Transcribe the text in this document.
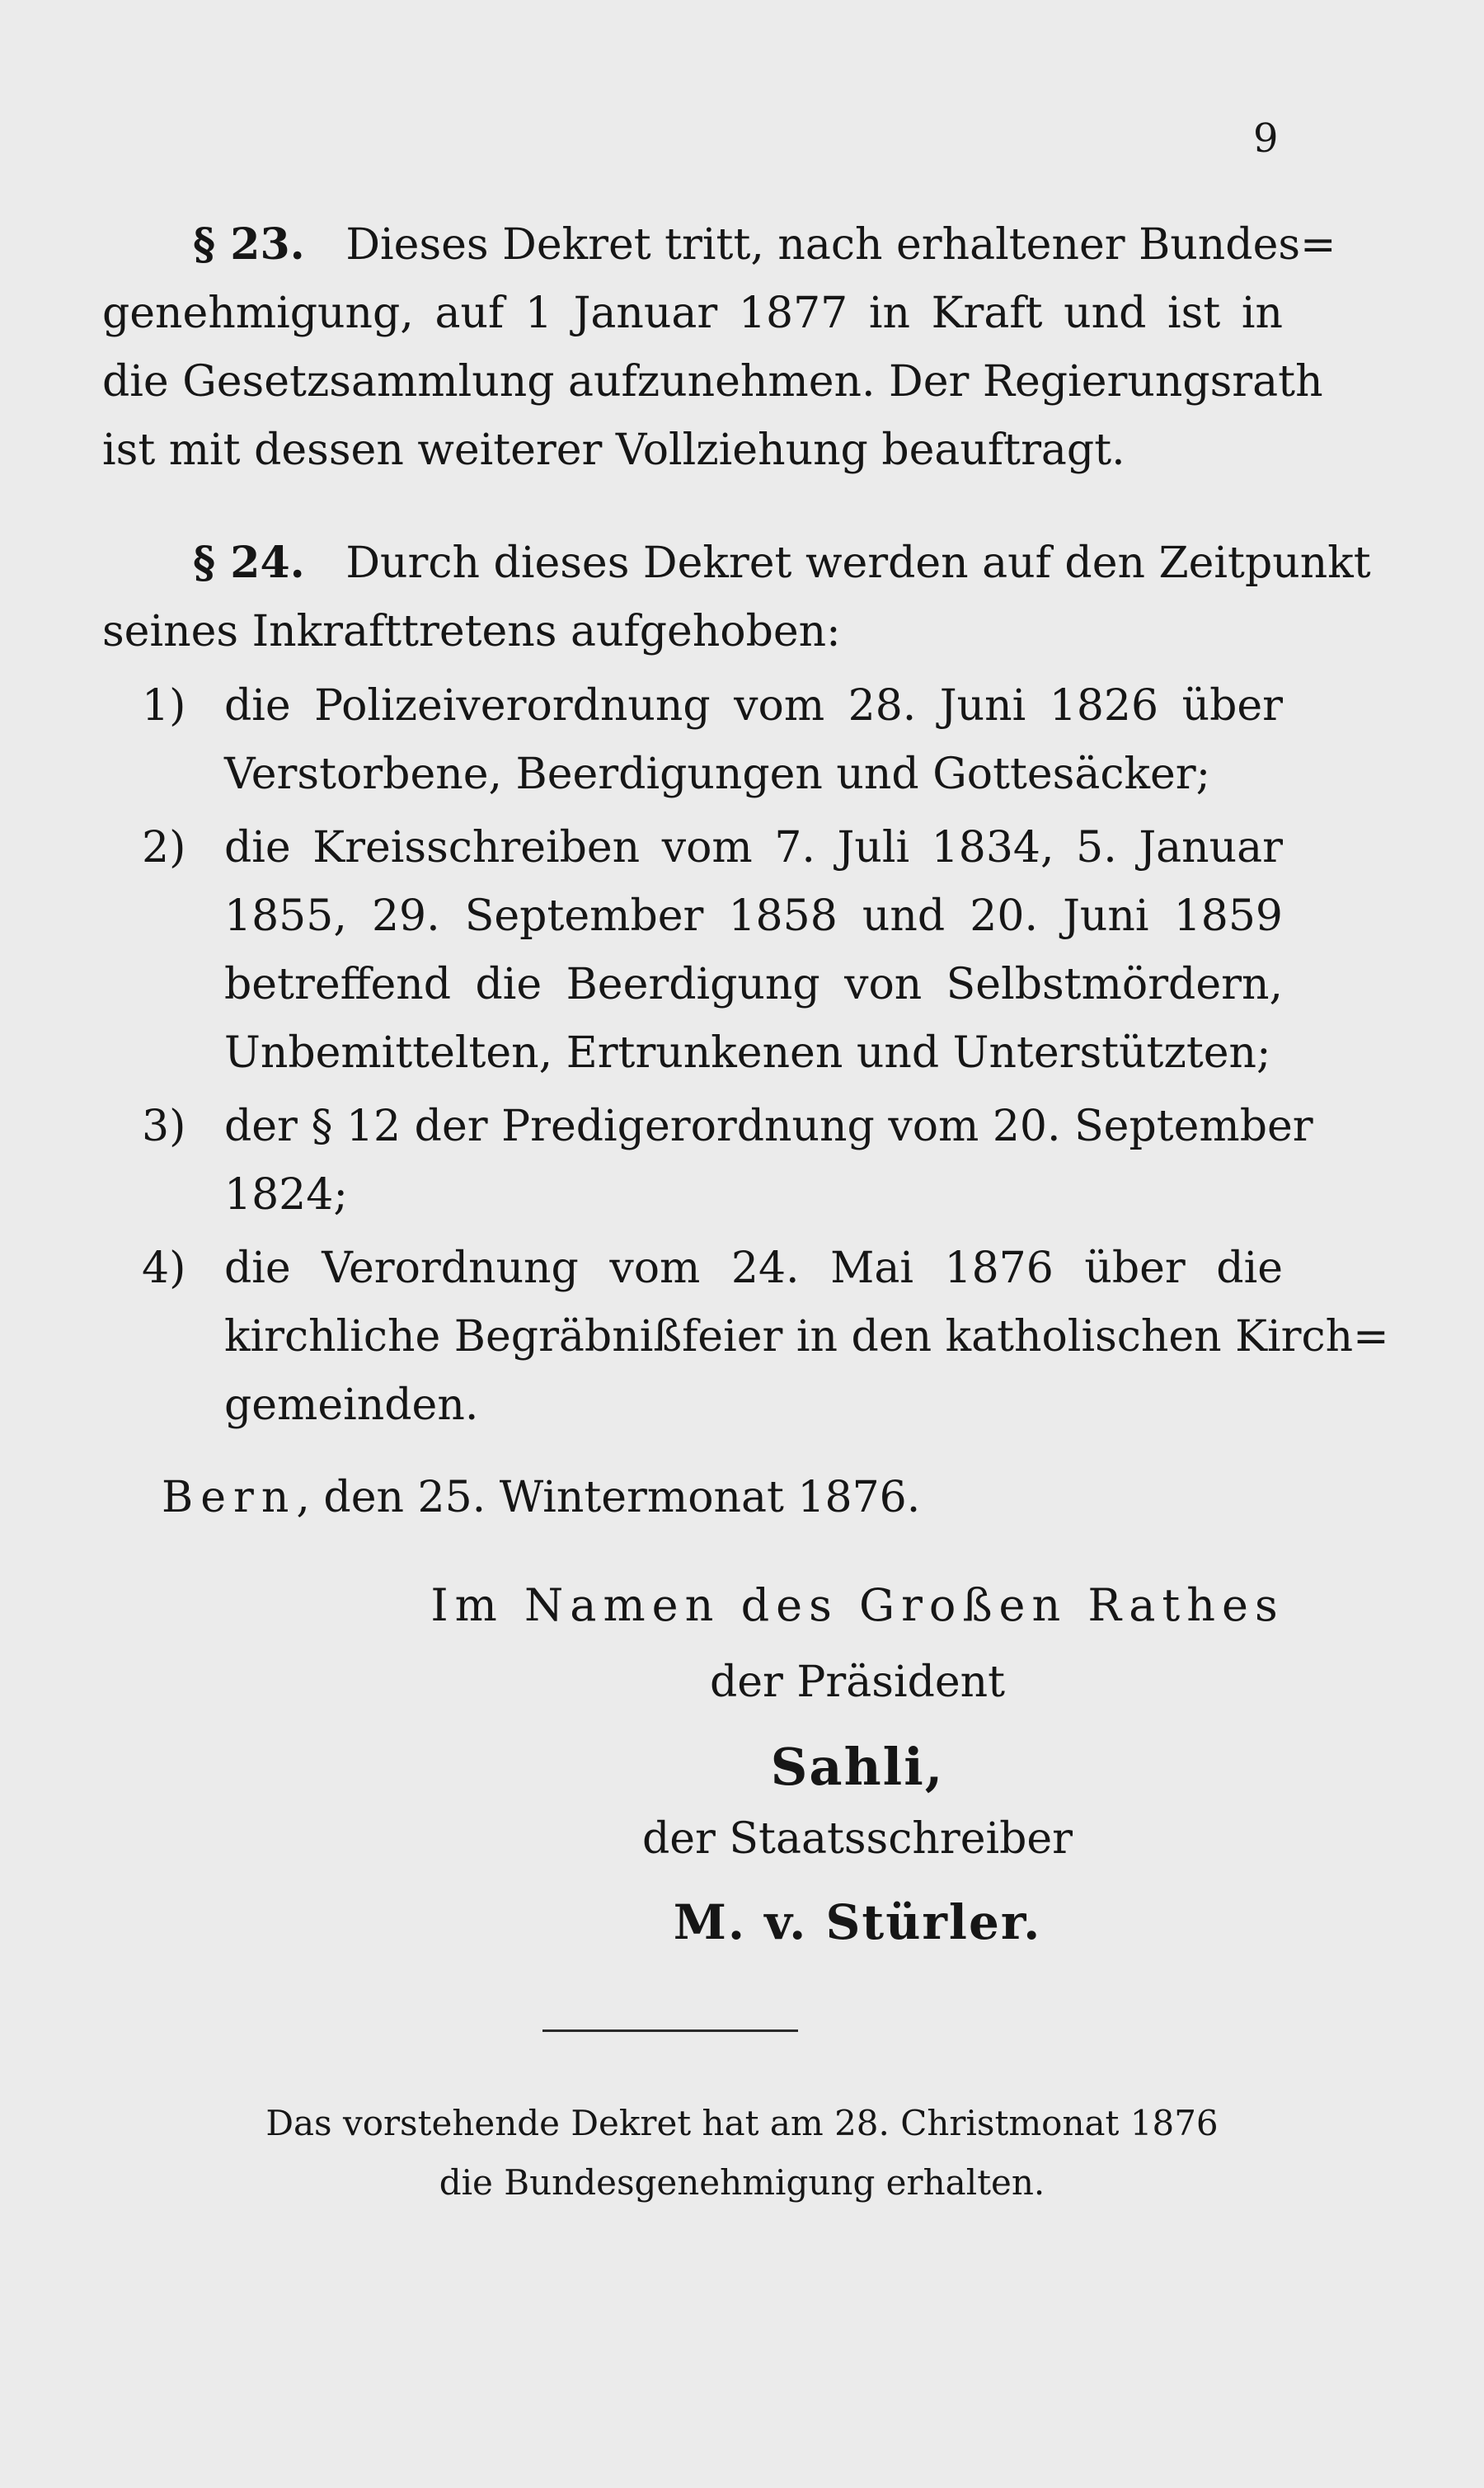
9
§ 23. Dieses Dekret tritt, nach erhaltener Bundes=
genehmigung, auf 1 Januar 1877 in Kraft und ist in
die Gesetzsammlung aufzunehmen. Der Regierungsrath
ist mit dessen weiterer Vollziehung beauftragt.
§ 24. Durch dieses Dekret werden auf den Zeitpunkt
seines Inkrafttretens aufgehoben:
1) die Polizeiverordnung vom 28. Juni 1826 über
Verstorbene, Beerdigungen und Gottesäcker;
2) die Kreisschreiben vom 7. Juli 1834, 5. Januar
1855, 29. September 1858 und 20. Juni 1859
betreffend die Beerdigung von Selbstmördern,
Unbemittelten, Ertrunkenen und Unterstützten;
3) der § 12 der Predigerordnung vom 20. September
1824;
4) die Verordnung vom 24. Mai 1876 über die
kirchliche Begräbnißfeier in den katholischen Kirch=
gemeinden.
Bern, den 25. Wintermonat 1876.
Im Namen des Großen Rathes
der Präsident
Sahli,
der Staatsschreiber
M. v. Stürler.
Das vorstehende Dekret hat am 28. Christmonat 1876
die Bundesgenehmigung erhalten.
